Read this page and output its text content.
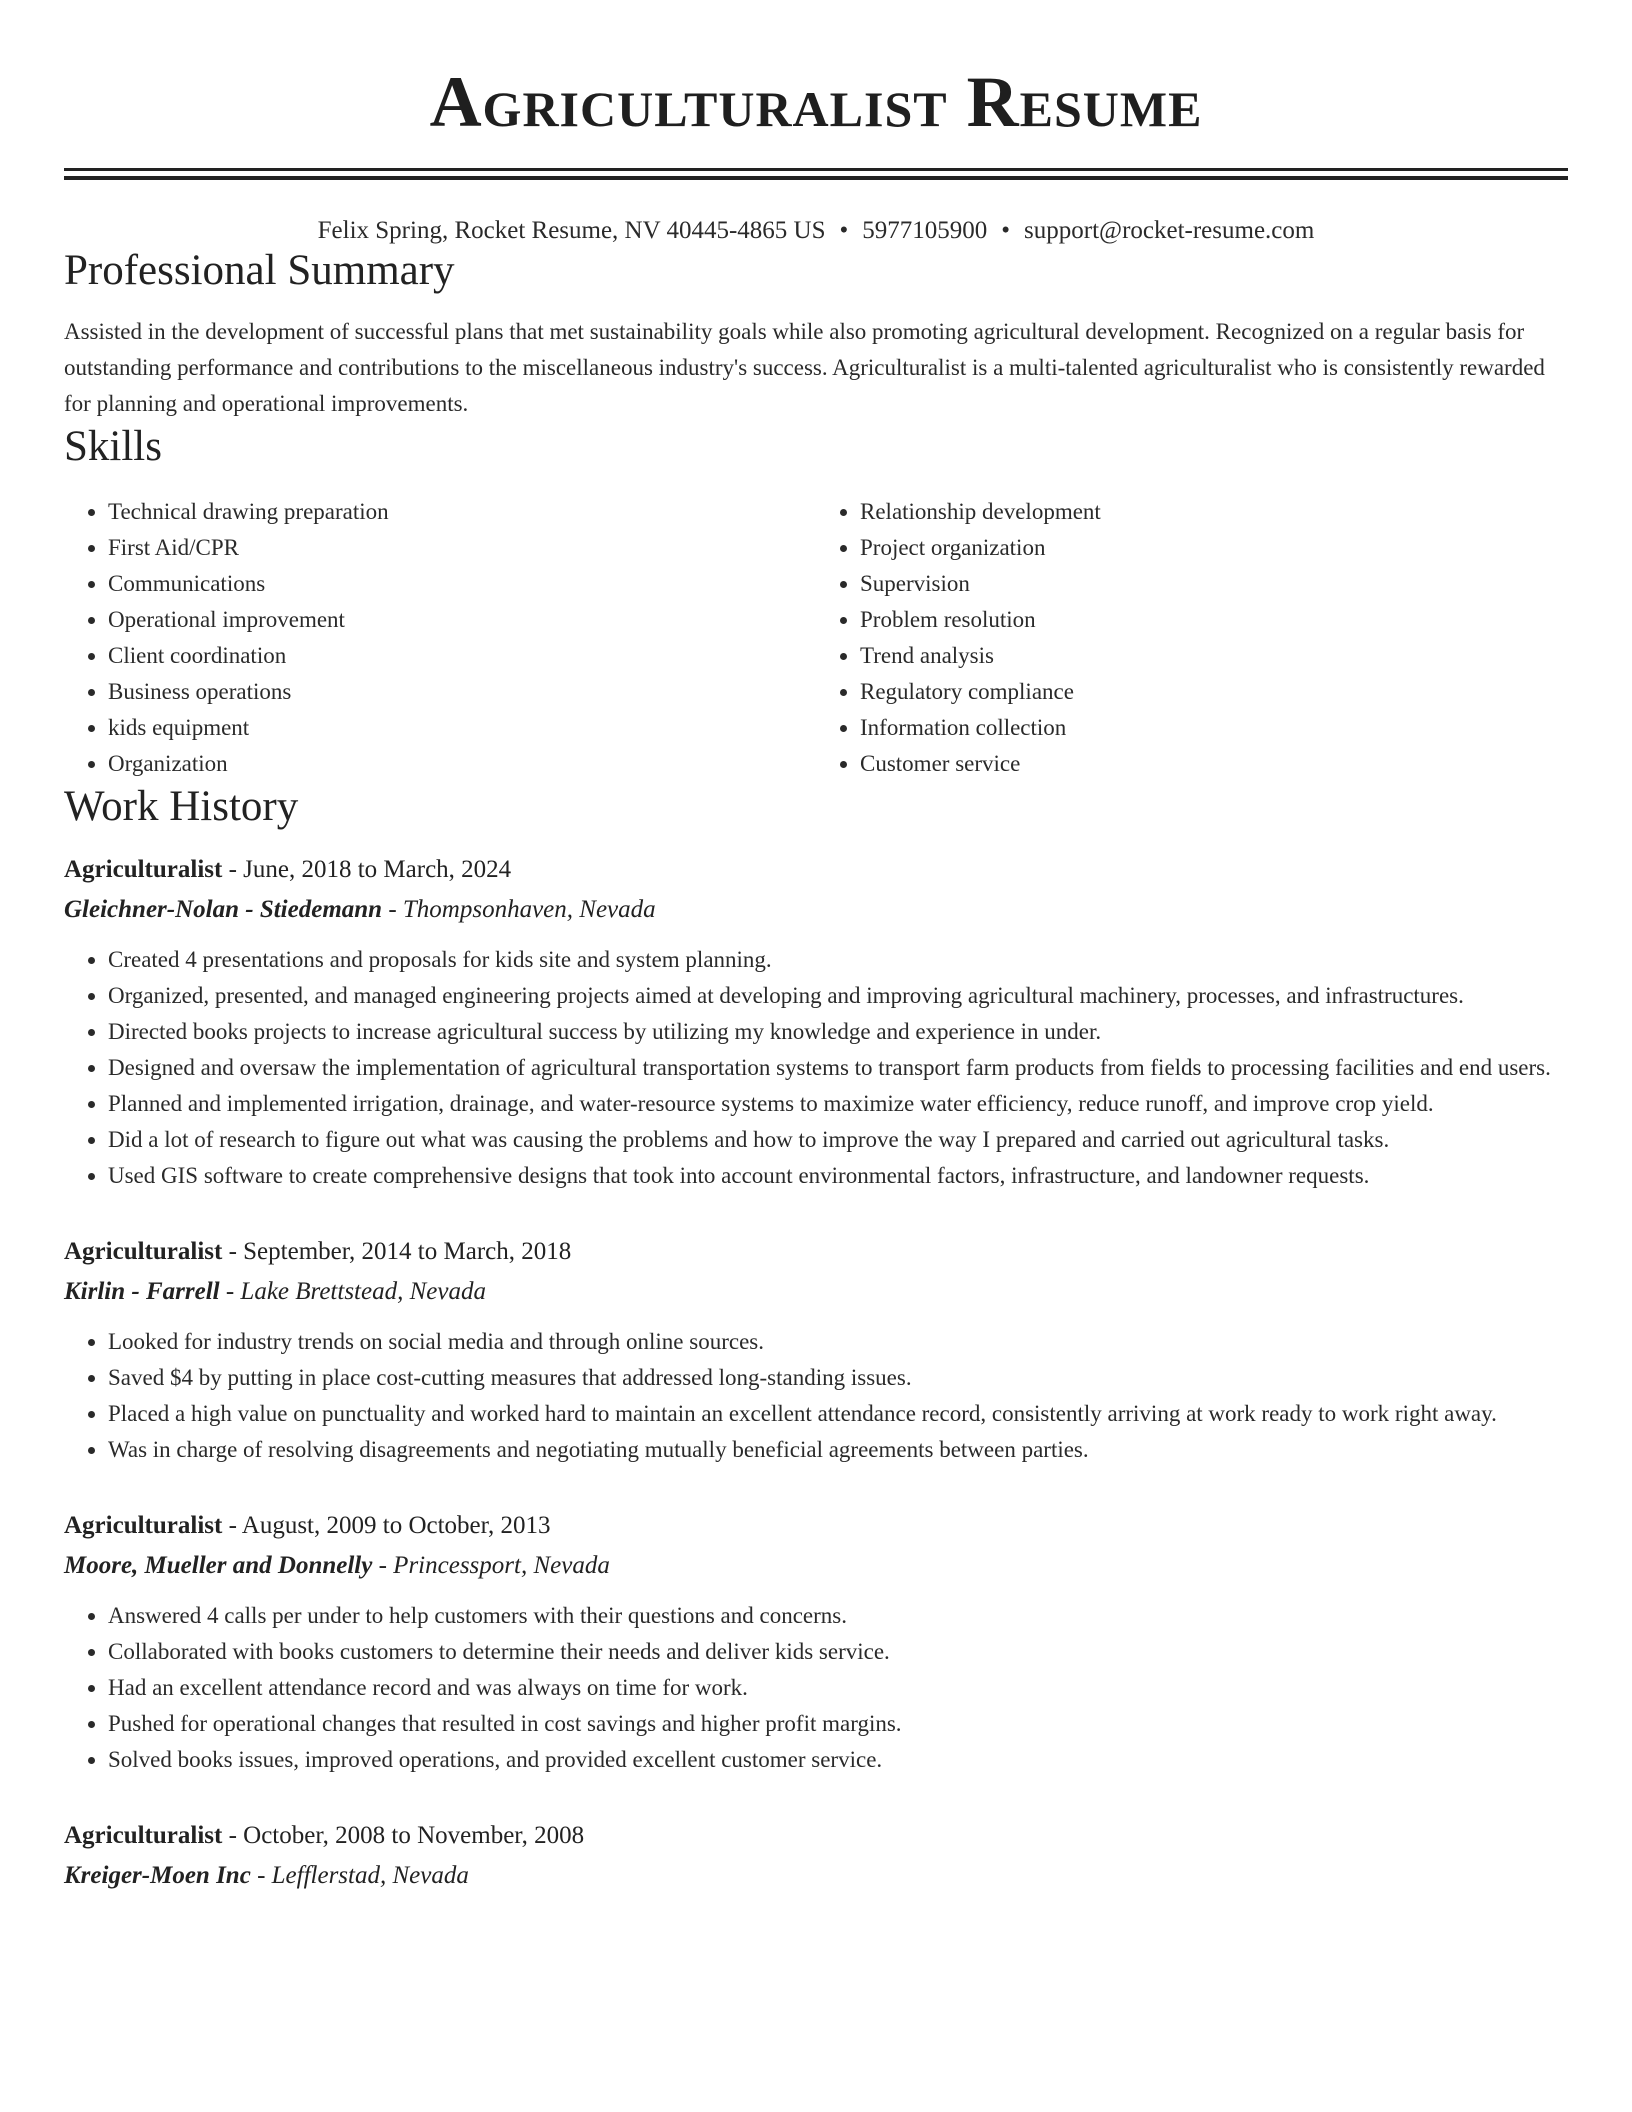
Agriculturalist Resume
Felix Spring, Rocket Resume, NV 40445-4865 US • 5977105900 • support@rocket-resume.com
Professional Summary

Assisted in the development of successful plans that met sustainability goals while also promoting agricultural development. Recognized on a regular basis for outstanding performance and contributions to the miscellaneous industry's success. Agriculturalist is a multi-talented agriculturalist who is consistently rewarded for planning and operational improvements.

Skills
• Technical drawing preparation
• First Aid/CPR
• Communications
• Operational improvement
• Client coordination
• Business operations
• kids equipment
• Organization
• Relationship development
• Project organization
• Supervision
• Problem resolution
• Trend analysis
• Regulatory compliance
• Information collection
• Customer service
Work History
Agriculturalist - June, 2018 to March, 2024
Gleichner-Nolan - Stiedemann - Thompsonhaven, Nevada
• Created 4 presentations and proposals for kids site and system planning.
• Organized, presented, and managed engineering projects aimed at developing and improving agricultural machinery, processes, and infrastructures.
• Directed books projects to increase agricultural success by utilizing my knowledge and experience in under.
• Designed and oversaw the implementation of agricultural transportation systems to transport farm products from fields to processing facilities and end users.
• Planned and implemented irrigation, drainage, and water-resource systems to maximize water efficiency, reduce runoff, and improve crop yield.
• Did a lot of research to figure out what was causing the problems and how to improve the way I prepared and carried out agricultural tasks.
• Used GIS software to create comprehensive designs that took into account environmental factors, infrastructure, and landowner requests.
Agriculturalist - September, 2014 to March, 2018
Kirlin - Farrell - Lake Brettstead, Nevada
• Looked for industry trends on social media and through online sources.
• Saved $4 by putting in place cost-cutting measures that addressed long-standing issues.
• Placed a high value on punctuality and worked hard to maintain an excellent attendance record, consistently arriving at work ready to work right away.
• Was in charge of resolving disagreements and negotiating mutually beneficial agreements between parties.
Agriculturalist - August, 2009 to October, 2013
Moore, Mueller and Donnelly - Princessport, Nevada
• Answered 4 calls per under to help customers with their questions and concerns.
• Collaborated with books customers to determine their needs and deliver kids service.
• Had an excellent attendance record and was always on time for work.
• Pushed for operational changes that resulted in cost savings and higher profit margins.
• Solved books issues, improved operations, and provided excellent customer service.
Agriculturalist - October, 2008 to November, 2008
Kreiger-Moen Inc - Lefflerstad, Nevada
